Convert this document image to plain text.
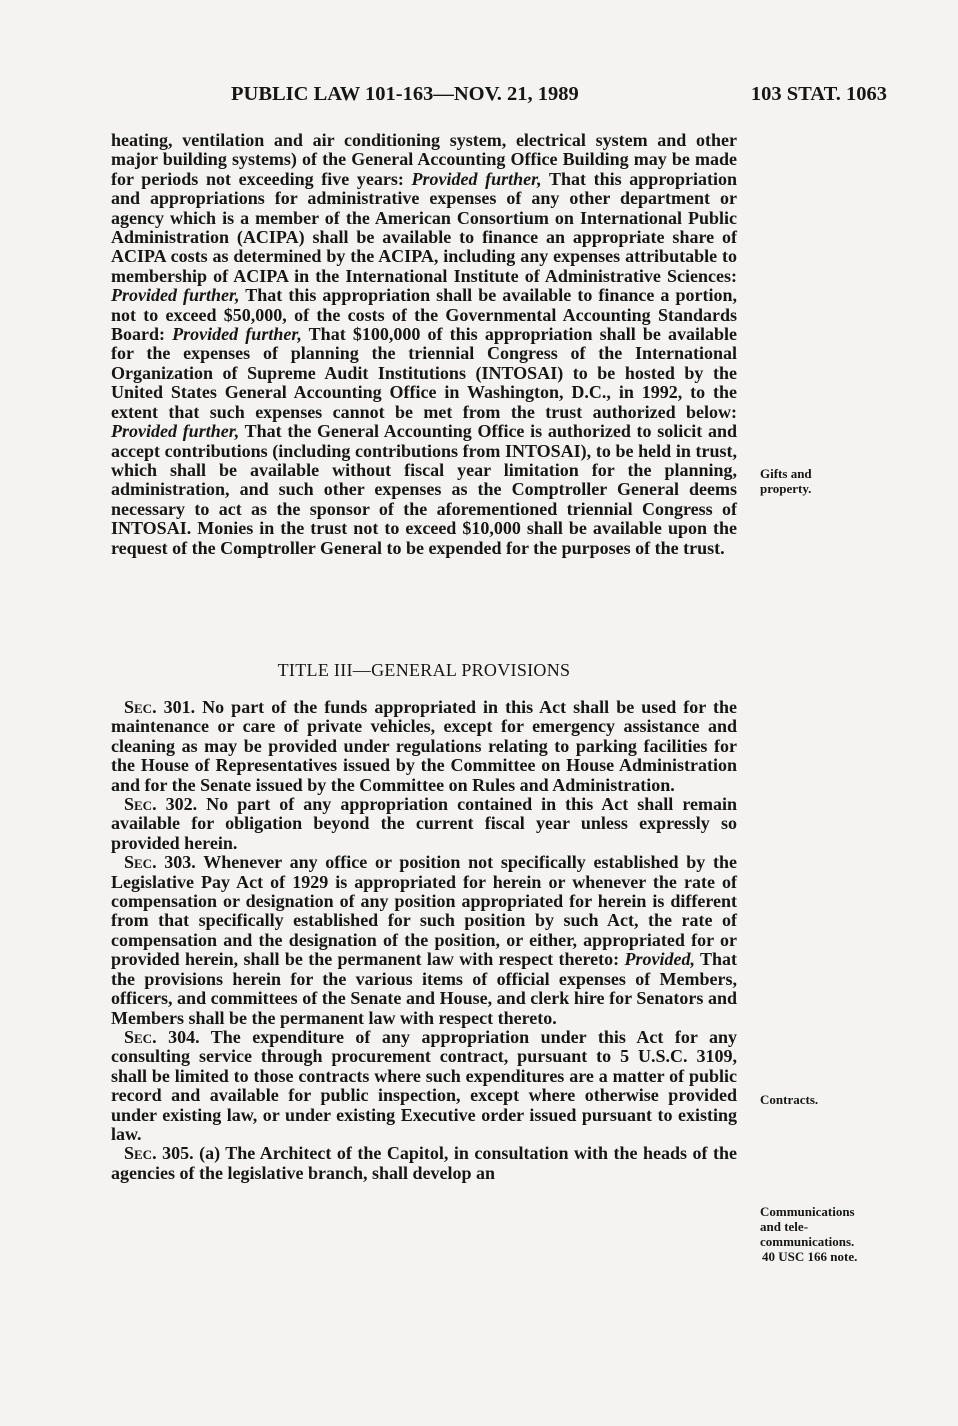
PUBLIC LAW 101-163—NOV. 21, 1989	103 STAT. 1063

heating, ventilation and air conditioning system, electrical system and other major building systems) of the General Accounting Office Building may be made for periods not exceeding five years: Provided further, That this appropriation and appropriations for administrative expenses of any other department or agency which is a member of the American Consortium on International Public Administration (ACIPA) shall be available to finance an appropriate share of ACIPA costs as determined by the ACIPA, including any expenses attributable to membership of ACIPA in the International Institute of Administrative Sciences: Provided further, That this appropriation shall be available to finance a portion, not to exceed $50,000, of the costs of the Governmental Accounting Standards Board: Provided further, That $100,000 of this appropriation shall be available for the expenses of planning the triennial Congress of the International Organization of Supreme Audit Institutions (INTOSAI) to be hosted by the United States General Accounting Office in Washington, D.C., in 1992, to the extent that such expenses cannot be met from the trust authorized below: Provided further, That the General Accounting Office is authorized to solicit and accept contributions (including contributions from INTOSAI), to be held in trust, which shall be available without fiscal year limitation for the planning, administration, and such other expenses as the Comptroller General deems necessary to act as the sponsor of the aforementioned triennial Congress of INTOSAI. Monies in the trust not to exceed $10,000 shall be available upon the request of the Comptroller General to be expended for the purposes of the trust.

TITLE III—GENERAL PROVISIONS

Sec. 301. No part of the funds appropriated in this Act shall be used for the maintenance or care of private vehicles, except for emergency assistance and cleaning as may be provided under regulations relating to parking facilities for the House of Representatives issued by the Committee on House Administration and for the Senate issued by the Committee on Rules and Administration.

Sec. 302. No part of any appropriation contained in this Act shall remain available for obligation beyond the current fiscal year unless expressly so provided herein.

Sec. 303. Whenever any office or position not specifically established by the Legislative Pay Act of 1929 is appropriated for herein or whenever the rate of compensation or designation of any position appropriated for herein is different from that specifically established for such position by such Act, the rate of compensation and the designation of the position, or either, appropriated for or provided herein, shall be the permanent law with respect thereto: Provided, That the provisions herein for the various items of official expenses of Members, officers, and committees of the Senate and House, and clerk hire for Senators and Members shall be the permanent law with respect thereto.

Sec. 304. The expenditure of any appropriation under this Act for any consulting service through procurement contract, pursuant to 5 U.S.C. 3109, shall be limited to those contracts where such expenditures are a matter of public record and available for public inspection, except where otherwise provided under existing law, or under existing Executive order issued pursuant to existing law.

Sec. 305. (a) The Architect of the Capitol, in consultation with the heads of the agencies of the legislative branch, shall develop an

Gifts and
property.
Contracts.
Communications
and tele-
communications.
40 USC 166 note.
